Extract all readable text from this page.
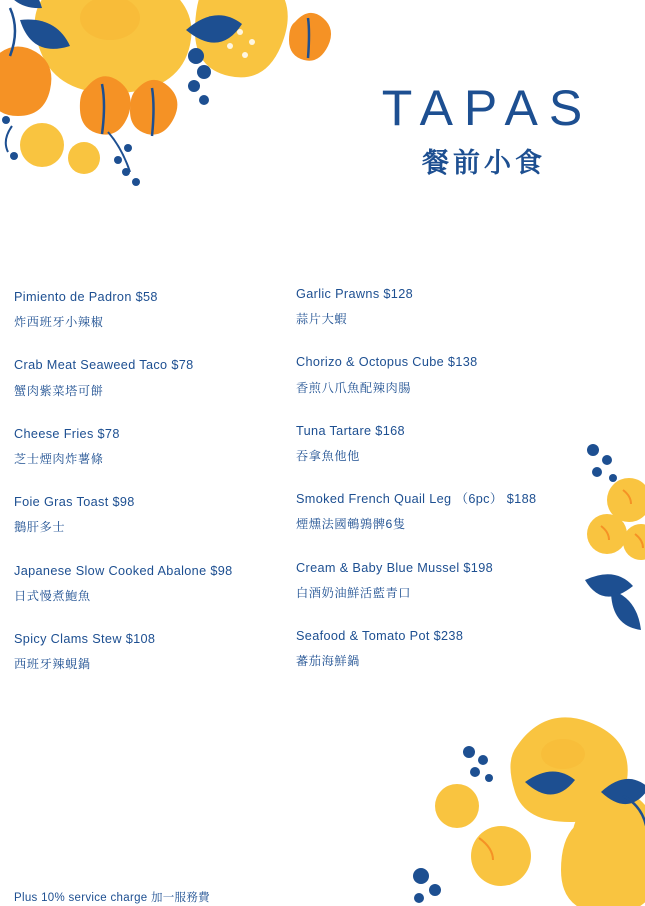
TAPAS
餐前小食
Pimiento de Padron $58
炸西班牙小辣椒
Crab Meat Seaweed Taco $78
蟹肉紫菜塔可餅
Cheese Fries $78
芝士煙肉炸薯條
Foie Gras Toast $98
鵝肝多士
Japanese Slow Cooked Abalone $98
日式慢煮鮑魚
Spicy Clams Stew $108
西班牙辣蜆鍋
Garlic Prawns $128
蒜片大蝦
Chorizo & Octopus Cube $138
香煎八爪魚配辣肉腸
Tuna Tartare $168
吞拿魚他他
Smoked French Quail Leg （6pc） $188
煙燻法國鵪鶉髀6隻
Cream & Baby Blue Mussel $198
白酒奶油鮮活藍青口
Seafood & Tomato Pot $238
蕃茄海鮮鍋
Plus 10% service charge 加一服務費
